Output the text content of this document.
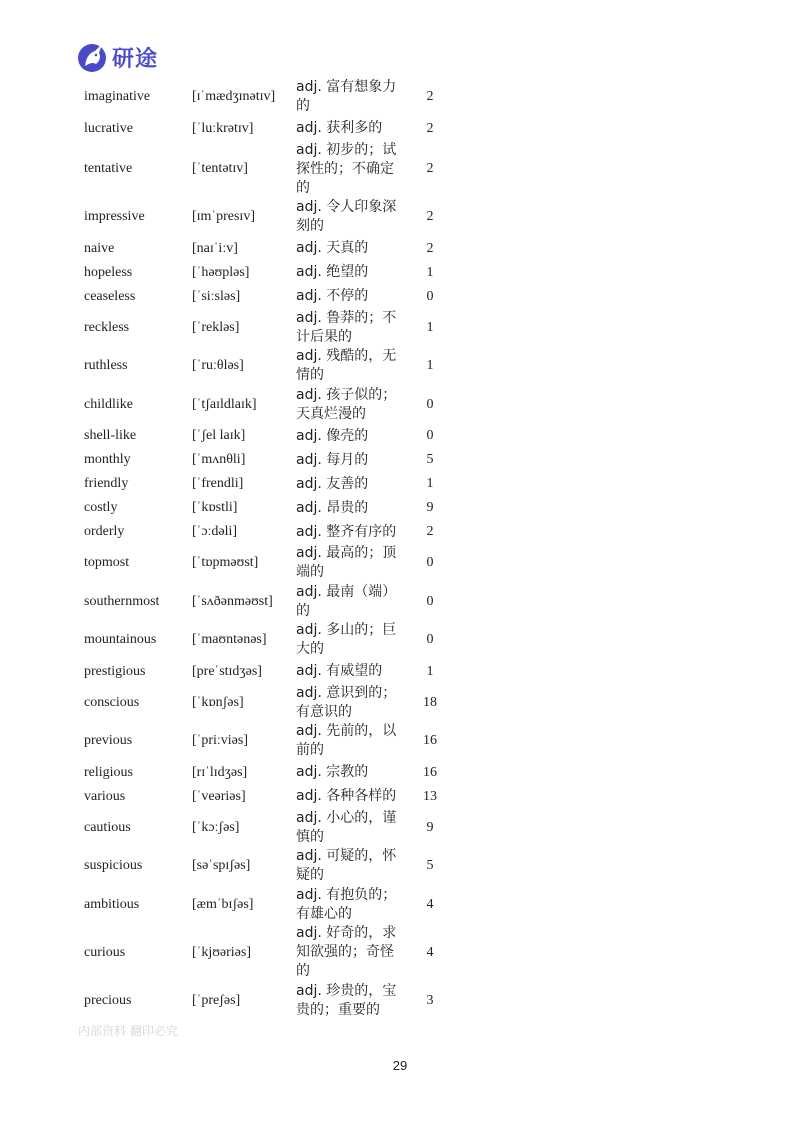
研途
imaginative	[ɪˈmædʒɪnətɪv]	adj. 富有想象力的	2
lucrative	[ˈluːkrətɪv]	adj. 获利多的	2
tentative	[ˈtentətɪv]	adj. 初步的；试探性的；不确定的	2
impressive	[ɪmˈpresɪv]	adj. 令人印象深刻的	2
naive	[naɪˈiːv]	adj. 天真的	2
hopeless	[ˈhəʊpləs]	adj. 绝望的	1
ceaseless	[ˈsiːsləs]	adj. 不停的	0
reckless	[ˈrekləs]	adj. 鲁莽的；不计后果的	1
ruthless	[ˈruːθləs]	adj. 残酷的，无情的	1
childlike	[ˈtʃaɪldlaɪk]	adj. 孩子似的；天真烂漫的	0
shell-like	[ˈʃel laɪk]	adj. 像壳的	0
monthly	[ˈmʌnθli]	adj. 每月的	5
friendly	[ˈfrendli]	adj. 友善的	1
costly	[ˈkɒstli]	adj. 昂贵的	9
orderly	[ˈɔːdəli]	adj. 整齐有序的	2
topmost	[ˈtɒpməʊst]	adj. 最高的；顶端的	0
southernmost	[ˈsʌðənməʊst]	adj. 最南（端）的	0
mountainous	[ˈmaʊntənəs]	adj. 多山的；巨大的	0
prestigious	[preˈstɪdʒəs]	adj. 有威望的	1
conscious	[ˈkɒnʃəs]	adj. 意识到的；有意识的	18
previous	[ˈpriːviəs]	adj. 先前的，以前的	16
religious	[rɪˈlɪdʒəs]	adj. 宗教的	16
various	[ˈveəriəs]	adj. 各种各样的	13
cautious	[ˈkɔːʃəs]	adj. 小心的，谨慎的	9
suspicious	[səˈspɪʃəs]	adj. 可疑的，怀疑的	5
ambitious	[æmˈbɪʃəs]	adj. 有抱负的；有雄心的	4
curious	[ˈkjʊəriəs]	adj. 好奇的，求知欲强的；奇怪的	4
precious	[ˈpreʃəs]	adj. 珍贵的，宝贵的；重要的	3
内部资料 翻印必究
29
